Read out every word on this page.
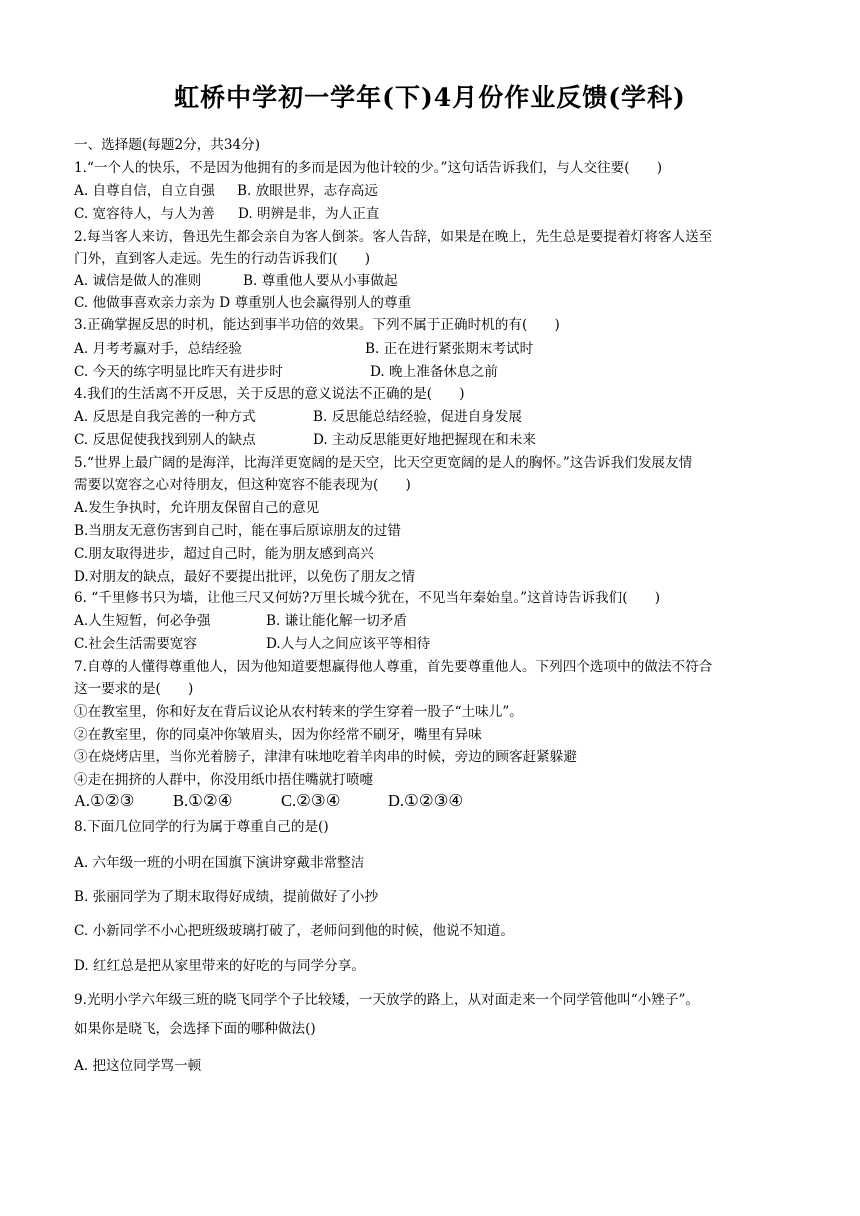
虹桥中学初一学年(下)4月份作业反馈(学科)
一、选择题(每题2分，共34分)
1.“一个人的快乐，不是因为他拥有的多而是因为他计较的少。”这句话告诉我们，与人交往要(　　)
A. 自尊自信，自立自强 B. 放眼世界，志存高远
C. 宽容待人，与人为善 D. 明辨是非，为人正直
2.每当客人来访，鲁迅先生都会亲自为客人倒茶。客人告辞，如果是在晚上，先生总是要提着灯将客人送至
门外，直到客人走远。先生的行动告诉我们(　　)
A. 诚信是做人的准则	B. 尊重他人要从小事做起
C. 他做事喜欢亲力亲为 D 尊重别人也会赢得别人的尊重
3.正确掌握反思的时机，能达到事半功倍的效果。下列不属于正确时机的有(　　)
A. 月考考赢对手，总结经验	B. 正在进行紧张期末考试时
C. 今天的练字明显比昨天有进步时	D. 晚上准备休息之前
4.我们的生活离不开反思，关于反思的意义说法不正确的是(　　)
A. 反思是自我完善的一种方式	B. 反思能总结经验，促进自身发展
C. 反思促使我找到别人的缺点	D. 主动反思能更好地把握现在和未来
5.“世界上最广阔的是海洋，比海洋更宽阔的是天空，比天空更宽阔的是人的胸怀。”这告诉我们发展友情
需要以宽容之心对待朋友，但这种宽容不能表现为(　　)
A.发生争执时，允许朋友保留自己的意见
B.当朋友无意伤害到自己时，能在事后原谅朋友的过错
C.朋友取得进步，超过自己时，能为朋友感到高兴
D.对朋友的缺点，最好不要提出批评，以免伤了朋友之情
6. “千里修书只为墙，让他三尺又何妨?万里长城今犹在，不见当年秦始皇。”这首诗告诉我们(　　)
A.人生短暂，何必争强	B. 谦让能化解一切矛盾
C.社会生活需要宽容	D.人与人之间应该平等相待
7.自尊的人懂得尊重他人，因为他知道要想赢得他人尊重，首先要尊重他人。下列四个选项中的做法不符合
这一要求的是(　　)
①在教室里，你和好友在背后议论从农村转来的学生穿着一股子“土味儿”。
②在教室里，你的同桌冲你皱眉头，因为你经常不刷牙，嘴里有异味
③在烧烤店里，当你光着膀子，津津有味地吃着羊肉串的时候，旁边的顾客赶紧躲避
④走在拥挤的人群中，你没用纸巾捂住嘴就打喷嚏
A.①②③ B.①②④	C.②③④	D.①②③④
8.下面几位同学的行为属于尊重自己的是()
A. 六年级一班的小明在国旗下演讲穿戴非常整洁
B. 张丽同学为了期末取得好成绩，提前做好了小抄
C. 小新同学不小心把班级玻璃打破了，老师问到他的时候，他说不知道。
D. 红红总是把从家里带来的好吃的与同学分享。
9.光明小学六年级三班的晓飞同学个子比较矮，一天放学的路上，从对面走来一个同学管他叫“小矬子”。
如果你是晓飞，会选择下面的哪种做法()
A. 把这位同学骂一顿
